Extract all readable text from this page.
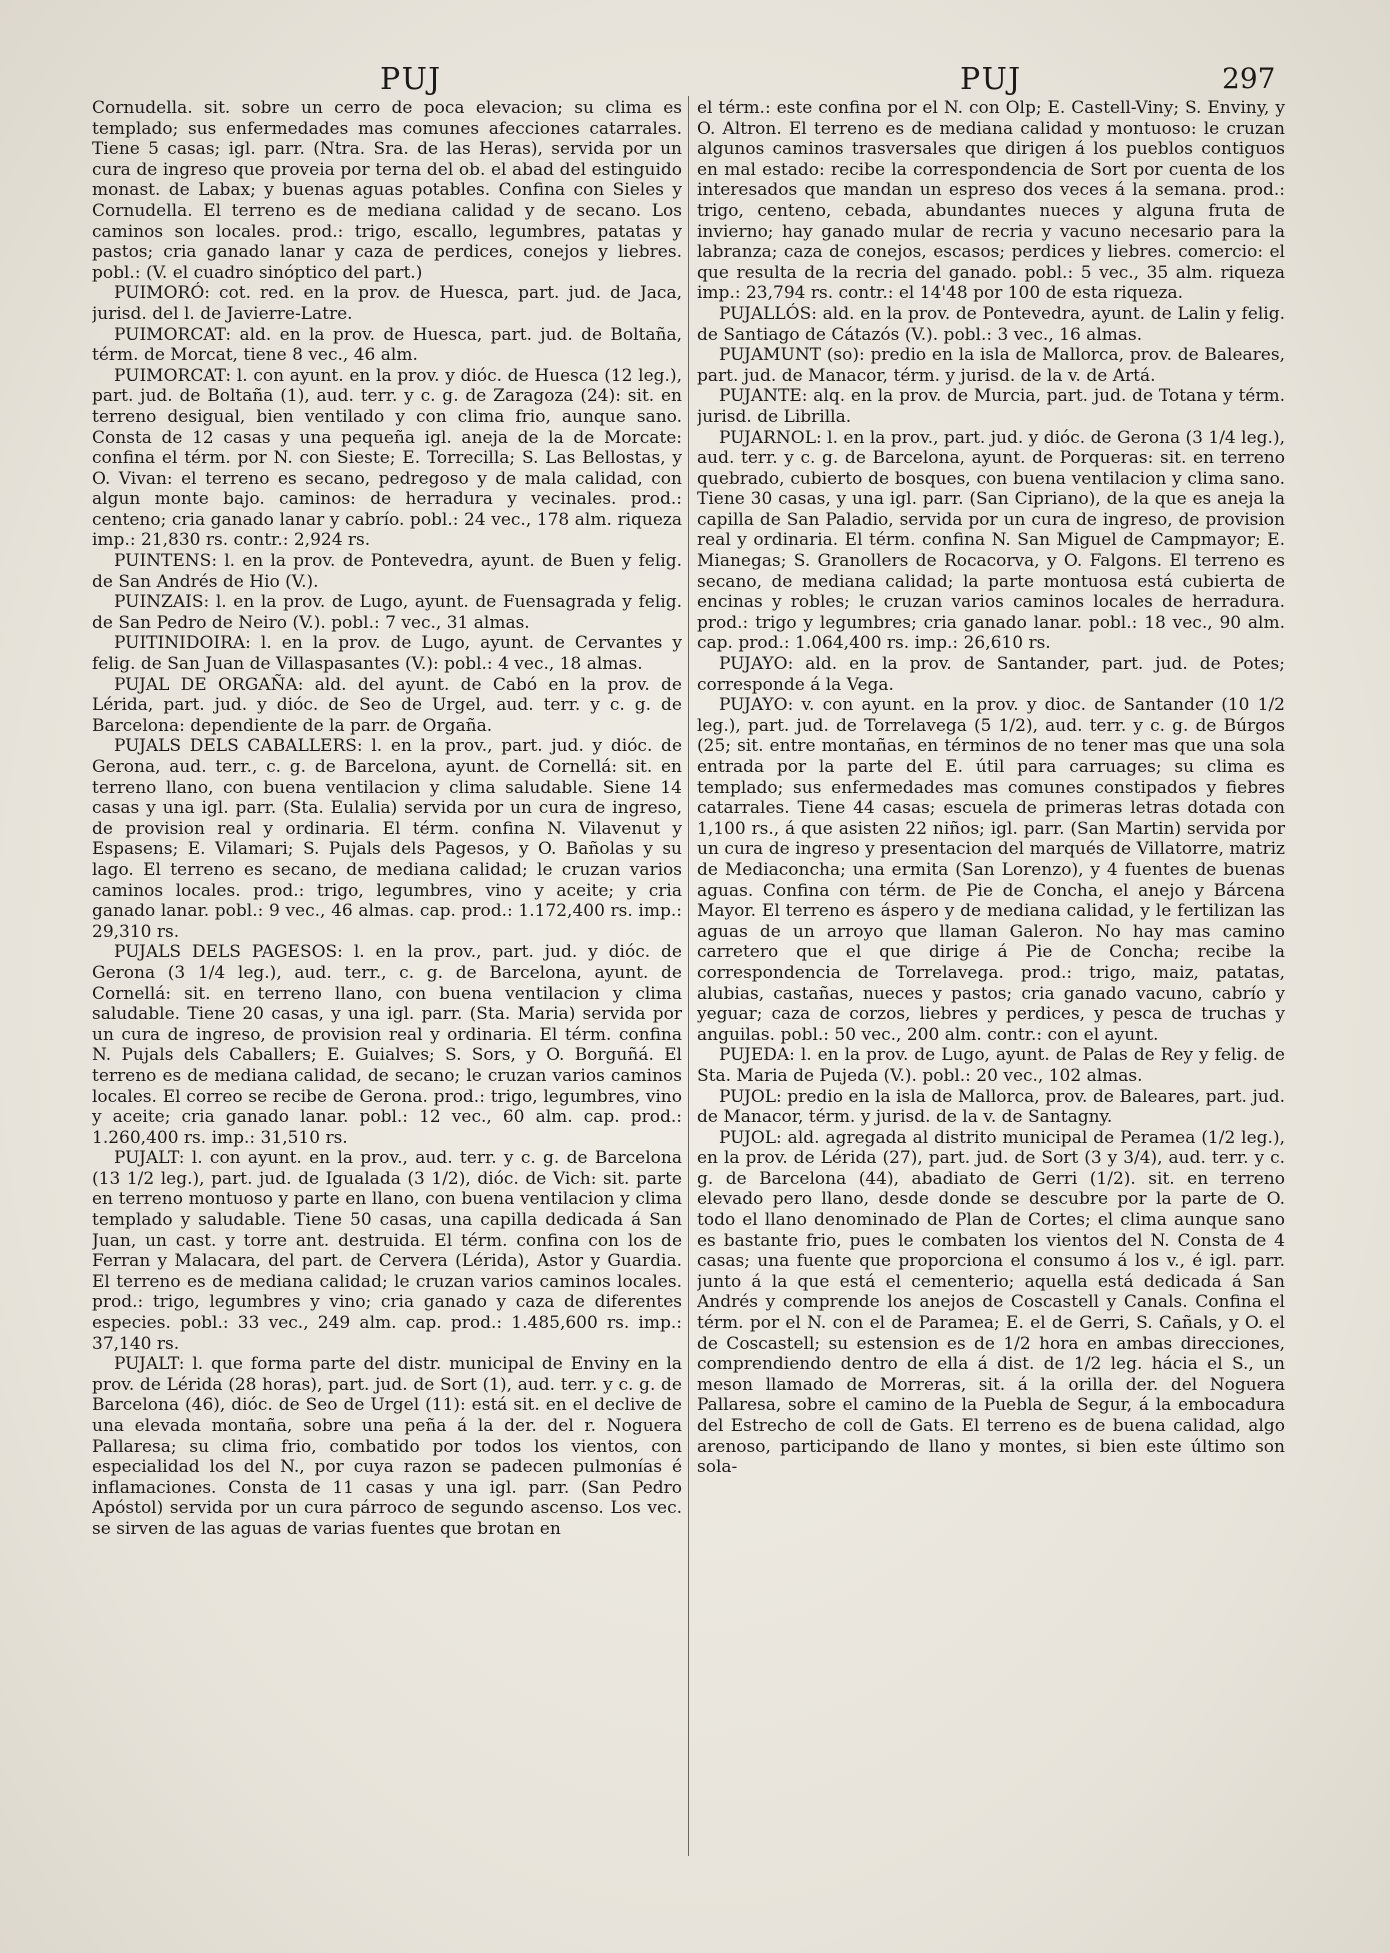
PUJ	PUJ	297

Cornudella. sit. sobre un cerro de poca elevacion; su clima es templado; sus enfermedades mas comunes afecciones catarrales. Tiene 5 casas; igl. parr. (Ntra. Sra. de las Heras), servida por un cura de ingreso que proveia por terna del ob. el abad del estinguido monast. de Labax; y buenas aguas potables. Confina con Sieles y Cornudella. El terreno es de mediana calidad y de secano. Los caminos son locales. prod.: trigo, escallo, legumbres, patatas y pastos; cria ganado lanar y caza de perdices, conejos y liebres. pobl.: (V. el cuadro sinóptico del part.)

PUIMORÓ: cot. red. en la prov. de Huesca, part. jud. de Jaca, jurisd. del l. de Javierre-Latre.

PUIMORCAT: ald. en la prov. de Huesca, part. jud. de Boltaña, térm. de Morcat, tiene 8 vec., 46 alm.

PUIMORCAT: l. con ayunt. en la prov. y dióc. de Huesca (12 leg.), part. jud. de Boltaña (1), aud. terr. y c. g. de Zaragoza (24): sit. en terreno desigual, bien ventilado y con clima frio, aunque sano. Consta de 12 casas y una pequeña igl. aneja de la de Morcate: confina el térm. por N. con Sieste; E. Torrecilla; S. Las Bellostas, y O. Vivan: el terreno es secano, pedregoso y de mala calidad, con algun monte bajo. caminos: de herradura y vecinales. prod.: centeno; cria ganado lanar y cabrío. pobl.: 24 vec., 178 alm. riqueza imp.: 21,830 rs. contr.: 2,924 rs.

PUINTENS: l. en la prov. de Pontevedra, ayunt. de Buen y felig. de San Andrés de Hio (V.).

PUINZAIS: l. en la prov. de Lugo, ayunt. de Fuensagrada y felig. de San Pedro de Neiro (V.). pobl.: 7 vec., 31 almas.

PUITINIDOIRA: l. en la prov. de Lugo, ayunt. de Cervantes y felig. de San Juan de Villaspasantes (V.): pobl.: 4 vec., 18 almas.

PUJAL DE ORGAÑA: ald. del ayunt. de Cabó en la prov. de Lérida, part. jud. y dióc. de Seo de Urgel, aud. terr. y c. g. de Barcelona: dependiente de la parr. de Orgaña.

PUJALS DELS CABALLERS: l. en la prov., part. jud. y dióc. de Gerona, aud. terr., c. g. de Barcelona, ayunt. de Cornellá: sit. en terreno llano, con buena ventilacion y clima saludable. Siene 14 casas y una igl. parr. (Sta. Eulalia) servida por un cura de ingreso, de provision real y ordinaria. El térm. confina N. Vilavenut y Espasens; E. Vilamari; S. Pujals dels Pagesos, y O. Bañolas y su lago. El terreno es secano, de mediana calidad; le cruzan varios caminos locales. prod.: trigo, legumbres, vino y aceite; y cria ganado lanar. pobl.: 9 vec., 46 almas. cap. prod.: 1.172,400 rs. imp.: 29,310 rs.

PUJALS DELS PAGESOS: l. en la prov., part. jud. y dióc. de Gerona (3 1/4 leg.), aud. terr., c. g. de Barcelona, ayunt. de Cornellá: sit. en terreno llano, con buena ventilacion y clima saludable. Tiene 20 casas, y una igl. parr. (Sta. Maria) servida por un cura de ingreso, de provision real y ordinaria. El térm. confina N. Pujals dels Caballers; E. Guialves; S. Sors, y O. Borguñá. El terreno es de mediana calidad, de secano; le cruzan varios caminos locales. El correo se recibe de Gerona. prod.: trigo, legumbres, vino y aceite; cria ganado lanar. pobl.: 12 vec., 60 alm. cap. prod.: 1.260,400 rs. imp.: 31,510 rs.

PUJALT: l. con ayunt. en la prov., aud. terr. y c. g. de Barcelona (13 1/2 leg.), part. jud. de Igualada (3 1/2), dióc. de Vich: sit. parte en terreno montuoso y parte en llano, con buena ventilacion y clima templado y saludable. Tiene 50 casas, una capilla dedicada á San Juan, un cast. y torre ant. destruida. El térm. confina con los de Ferran y Malacara, del part. de Cervera (Lérida), Astor y Guardia. El terreno es de mediana calidad; le cruzan varios caminos locales. prod.: trigo, legumbres y vino; cria ganado y caza de diferentes especies. pobl.: 33 vec., 249 alm. cap. prod.: 1.485,600 rs. imp.: 37,140 rs.

PUJALT: l. que forma parte del distr. municipal de Enviny en la prov. de Lérida (28 horas), part. jud. de Sort (1), aud. terr. y c. g. de Barcelona (46), dióc. de Seo de Urgel (11): está sit. en el declive de una elevada montaña, sobre una peña á la der. del r. Noguera Pallaresa; su clima frio, combatido por todos los vientos, con especialidad los del N., por cuya razon se padecen pulmonías é inflamaciones. Consta de 11 casas y una igl. parr. (San Pedro Apóstol) servida por un cura párroco de segundo ascenso. Los vec. se sirven de las aguas de varias fuentes que brotan en

el térm.: este confina por el N. con Olp; E. Castell-Viny; S. Enviny, y O. Altron. El terreno es de mediana calidad y montuoso: le cruzan algunos caminos trasversales que dirigen á los pueblos contiguos en mal estado: recibe la correspondencia de Sort por cuenta de los interesados que mandan un espreso dos veces á la semana. prod.: trigo, centeno, cebada, abundantes nueces y alguna fruta de invierno; hay ganado mular de recria y vacuno necesario para la labranza; caza de conejos, escasos; perdices y liebres. comercio: el que resulta de la recria del ganado. pobl.: 5 vec., 35 alm. riqueza imp.: 23,794 rs. contr.: el 14'48 por 100 de esta riqueza.

PUJALLÓS: ald. en la prov. de Pontevedra, ayunt. de Lalin y felig. de Santiago de Cátazós (V.). pobl.: 3 vec., 16 almas.

PUJAMUNT (so): predio en la isla de Mallorca, prov. de Baleares, part. jud. de Manacor, térm. y jurisd. de la v. de Artá.

PUJANTE: alq. en la prov. de Murcia, part. jud. de Totana y térm. jurisd. de Librilla.

PUJARNOL: l. en la prov., part. jud. y dióc. de Gerona (3 1/4 leg.), aud. terr. y c. g. de Barcelona, ayunt. de Porqueras: sit. en terreno quebrado, cubierto de bosques, con buena ventilacion y clima sano. Tiene 30 casas, y una igl. parr. (San Cipriano), de la que es aneja la capilla de San Paladio, servida por un cura de ingreso, de provision real y ordinaria. El térm. confina N. San Miguel de Campmayor; E. Mianegas; S. Granollers de Rocacorva, y O. Falgons. El terreno es secano, de mediana calidad; la parte montuosa está cubierta de encinas y robles; le cruzan varios caminos locales de herradura. prod.: trigo y legumbres; cria ganado lanar. pobl.: 18 vec., 90 alm. cap. prod.: 1.064,400 rs. imp.: 26,610 rs.

PUJAYO: ald. en la prov. de Santander, part. jud. de Potes; corresponde á la Vega.

PUJAYO: v. con ayunt. en la prov. y dioc. de Santander (10 1/2 leg.), part. jud. de Torrelavega (5 1/2), aud. terr. y c. g. de Búrgos (25; sit. entre montañas, en términos de no tener mas que una sola entrada por la parte del E. útil para carruages; su clima es templado; sus enfermedades mas comunes constipados y fiebres catarrales. Tiene 44 casas; escuela de primeras letras dotada con 1,100 rs., á que asisten 22 niños; igl. parr. (San Martin) servida por un cura de ingreso y presentacion del marqués de Villatorre, matriz de Mediaconcha; una ermita (San Lorenzo), y 4 fuentes de buenas aguas. Confina con térm. de Pie de Concha, el anejo y Bárcena Mayor. El terreno es áspero y de mediana calidad, y le fertilizan las aguas de un arroyo que llaman Galeron. No hay mas camino carretero que el que dirige á Pie de Concha; recibe la correspondencia de Torrelavega. prod.: trigo, maiz, patatas, alubias, castañas, nueces y pastos; cria ganado vacuno, cabrío y yeguar; caza de corzos, liebres y perdices, y pesca de truchas y anguilas. pobl.: 50 vec., 200 alm. contr.: con el ayunt.

PUJEDA: l. en la prov. de Lugo, ayunt. de Palas de Rey y felig. de Sta. Maria de Pujeda (V.). pobl.: 20 vec., 102 almas.

PUJOL: predio en la isla de Mallorca, prov. de Baleares, part. jud. de Manacor, térm. y jurisd. de la v. de Santagny.

PUJOL: ald. agregada al distrito municipal de Peramea (1/2 leg.), en la prov. de Lérida (27), part. jud. de Sort (3 y 3/4), aud. terr. y c. g. de Barcelona (44), abadiato de Gerri (1/2). sit. en terreno elevado pero llano, desde donde se descubre por la parte de O. todo el llano denominado de Plan de Cortes; el clima aunque sano es bastante frio, pues le combaten los vientos del N. Consta de 4 casas; una fuente que proporciona el consumo á los v., é igl. parr. junto á la que está el cementerio; aquella está dedicada á San Andrés y comprende los anejos de Coscastell y Canals. Confina el térm. por el N. con el de Paramea; E. el de Gerri, S. Cañals, y O. el de Coscastell; su estension es de 1/2 hora en ambas direcciones, comprendiendo dentro de ella á dist. de 1/2 leg. hácia el S., un meson llamado de Morreras, sit. á la orilla der. del Noguera Pallaresa, sobre el camino de la Puebla de Segur, á la embocadura del Estrecho de coll de Gats. El terreno es de buena calidad, algo arenoso, participando de llano y montes, si bien este último son sola-
